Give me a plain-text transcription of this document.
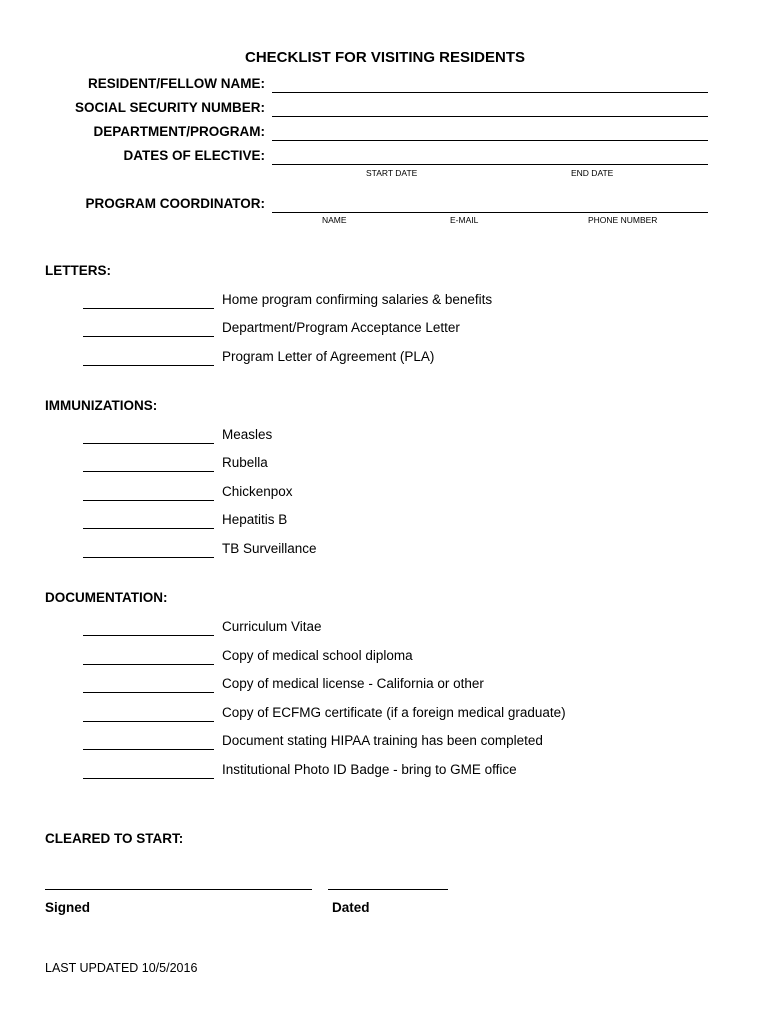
CHECKLIST FOR VISITING RESIDENTS
RESIDENT/FELLOW NAME:
SOCIAL SECURITY NUMBER:
DEPARTMENT/PROGRAM:
DATES OF ELECTIVE:
START DATE	END DATE
PROGRAM COORDINATOR:
NAME	E-MAIL	PHONE NUMBER
LETTERS:
Home program confirming salaries & benefits
Department/Program Acceptance Letter
Program Letter of Agreement (PLA)
IMMUNIZATIONS:
Measles
Rubella
Chickenpox
Hepatitis B
TB Surveillance
DOCUMENTATION:
Curriculum Vitae
Copy of medical school diploma
Copy of medical license - California or other
Copy of ECFMG certificate (if a foreign medical graduate)
Document stating HIPAA training has been completed
Institutional Photo ID Badge - bring to GME office
CLEARED TO START:
Signed	Dated
LAST UPDATED 10/5/2016
